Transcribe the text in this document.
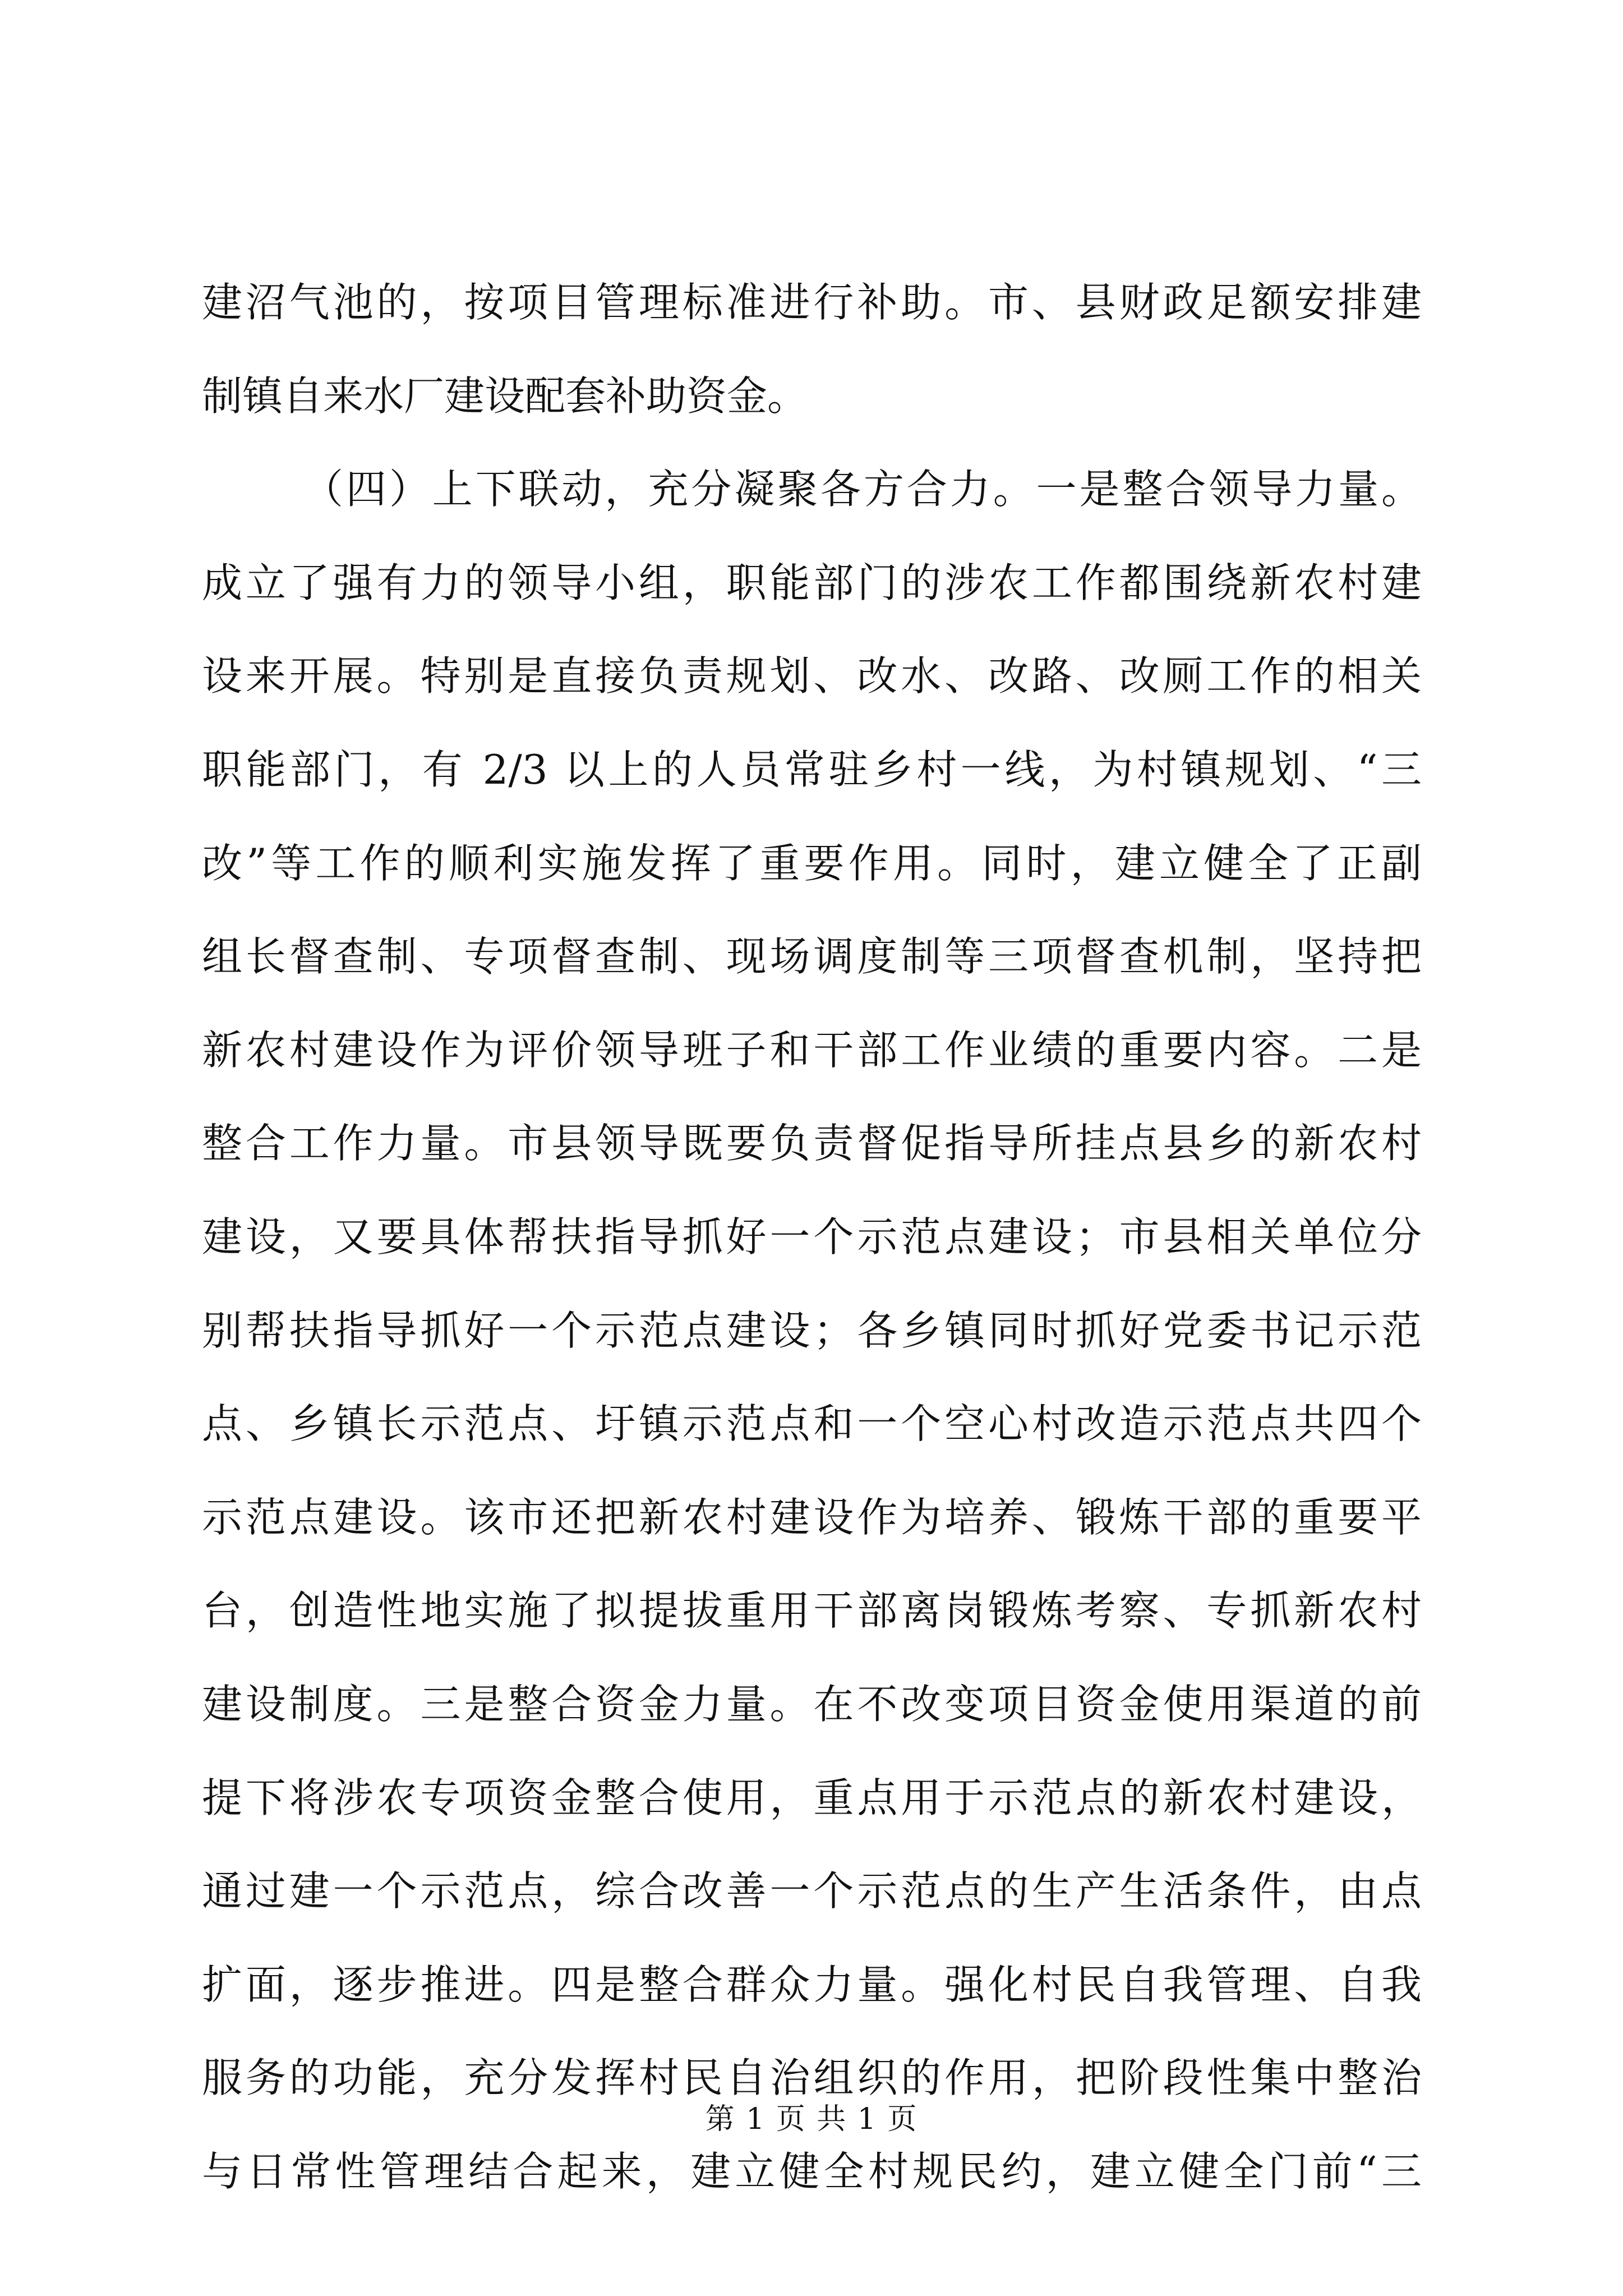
建沼气池的，按项目管理标准进行补助。市、县财政足额安排建
制镇自来水厂建设配套补助资金。
（四）上下联动，充分凝聚各方合力。一是整合领导力量。
成立了强有力的领导小组，职能部门的涉农工作都围绕新农村建
设来开展。特别是直接负责规划、改水、改路、改厕工作的相关
职能部门，有 2/3 以上的人员常驻乡村一线，为村镇规划、“三
改”等工作的顺利实施发挥了重要作用。同时，建立健全了正副
组长督查制、专项督查制、现场调度制等三项督查机制，坚持把
新农村建设作为评价领导班子和干部工作业绩的重要内容。二是
整合工作力量。市县领导既要负责督促指导所挂点县乡的新农村
建设，又要具体帮扶指导抓好一个示范点建设；市县相关单位分
别帮扶指导抓好一个示范点建设；各乡镇同时抓好党委书记示范
点、乡镇长示范点、圩镇示范点和一个空心村改造示范点共四个
示范点建设。该市还把新农村建设作为培养、锻炼干部的重要平
台，创造性地实施了拟提拔重用干部离岗锻炼考察、专抓新农村
建设制度。三是整合资金力量。在不改变项目资金使用渠道的前
提下将涉农专项资金整合使用，重点用于示范点的新农村建设，
通过建一个示范点，综合改善一个示范点的生产生活条件，由点
扩面，逐步推进。四是整合群众力量。强化村民自我管理、自我
服务的功能，充分发挥村民自治组织的作用，把阶段性集中整治
与日常性管理结合起来，建立健全村规民约，建立健全门前“三
第 1 页 共 1 页
